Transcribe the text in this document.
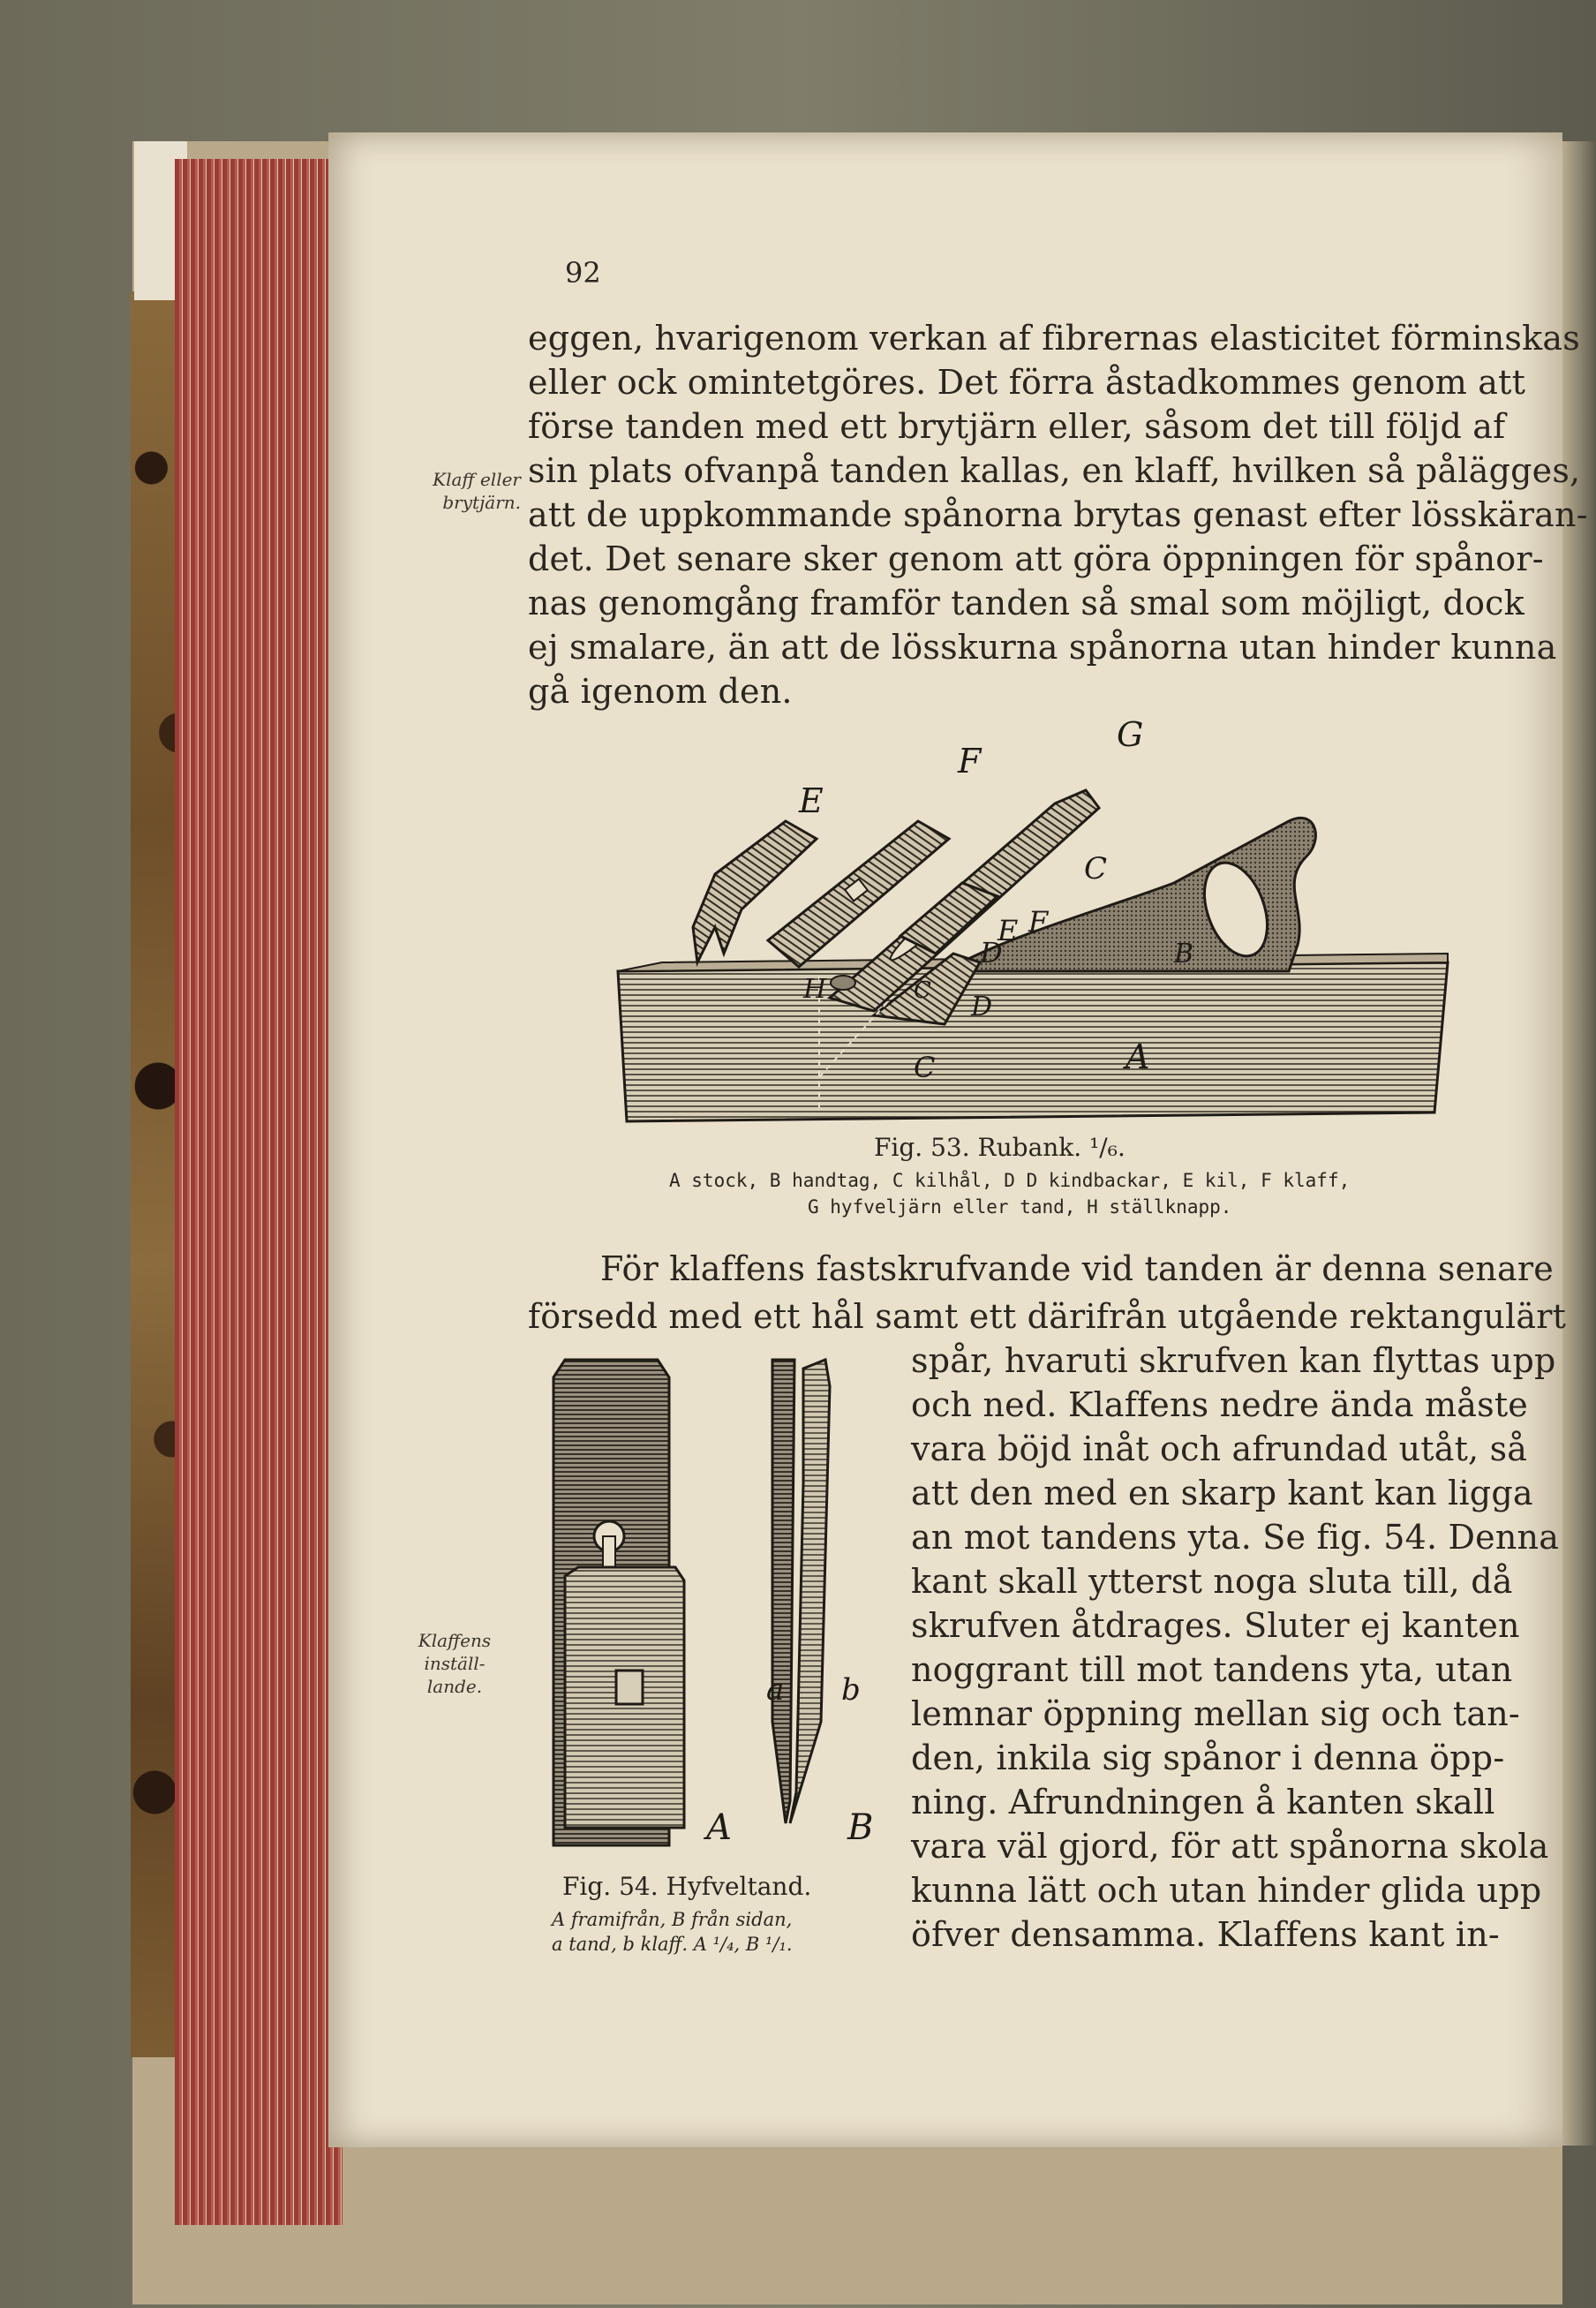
92
eggen, hvarigenom verkan af fibrernas elasticitet förminskas
eller ock omintetgöres. Det förra åstadkommes genom att
förse tanden med ett brytjärn eller, såsom det till följd af
sin plats ofvanpå tanden kallas, en klaff, hvilken så pålägges,
att de uppkommande spånorna brytas genast efter lösskäran-
det. Det senare sker genom att göra öppningen för spånor-
nas genomgång framför tanden så smal som möjligt, dock
ej smalare, än att de lösskurna spånorna utan hinder kunna
gå igenom den.
Klaff eller
brytjärn.
E
F
G
C
F
E
D
D
H	C
C
B
A
Fig. 53. Rubank. ¹/₆.
A stock, B handtag, C kilhål, D D kindbackar, E kil, F klaff,
G hyfveljärn eller tand, H ställknapp.
För klaffens fastskrufvande vid tanden är denna senare
försedd med ett hål samt ett därifrån utgående rektangulärt
spår, hvaruti skrufven kan flyttas upp
och ned. Klaffens nedre ända måste
vara böjd inåt och afrundad utåt, så
att den med en skarp kant kan ligga
an mot tandens yta. Se fig. 54. Denna
kant skall ytterst noga sluta till, då
skrufven åtdrages. Sluter ej kanten
noggrant till mot tandens yta, utan
lemnar öppning mellan sig och tan-
den, inkila sig spånor i denna öpp-
ning. Afrundningen å kanten skall
vara väl gjord, för att spånorna skola
kunna lätt och utan hinder glida upp
öfver densamma. Klaffens kant in-
Klaffens
inställ-
lande.	a b
A	B
Fig. 54. Hyfveltand.
A framifrån, B från sidan,
a tand, b klaff. A ¹/₄, B ¹/₁.
